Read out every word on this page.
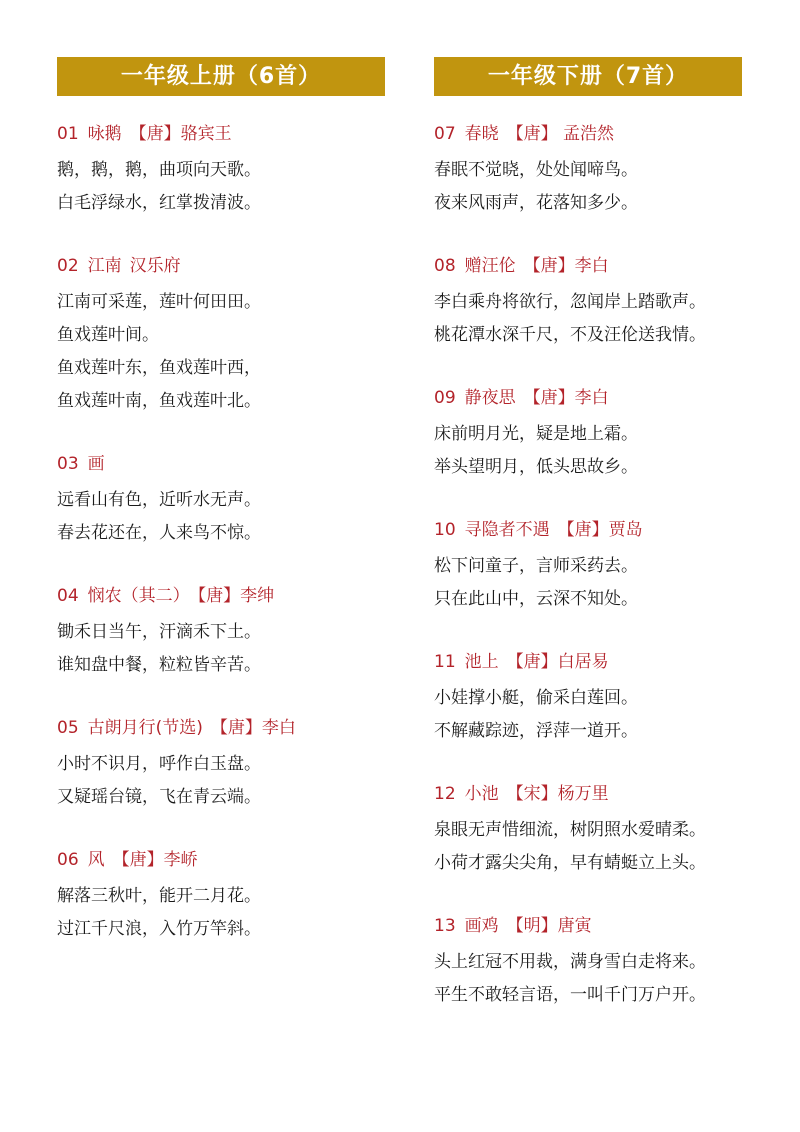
一年级上册（6首）
01 咏鹅 【唐】骆宾王
鹅，鹅，鹅，曲项向天歌。
白毛浮绿水，红掌拨清波。
02 江南 汉乐府
江南可采莲，莲叶何田田。
鱼戏莲叶间。
鱼戏莲叶东，鱼戏莲叶西，
鱼戏莲叶南，鱼戏莲叶北。
03 画
远看山有色，近听水无声。
春去花还在，人来鸟不惊。
04 悯农（其二） 【唐】李绅
锄禾日当午，汗滴禾下土。
谁知盘中餐，粒粒皆辛苦。
05 古朗月行(节选) 【唐】李白
小时不识月，呼作白玉盘。
又疑瑶台镜，飞在青云端。
06 风 【唐】李峤
解落三秋叶，能开二月花。
过江千尺浪，入竹万竿斜。
一年级下册（7首）
07 春晓 【唐】 孟浩然
春眠不觉晓，处处闻啼鸟。
夜来风雨声，花落知多少。
08 赠汪伦 【唐】李白
李白乘舟将欲行，忽闻岸上踏歌声。
桃花潭水深千尺，不及汪伦送我情。
09 静夜思 【唐】李白
床前明月光，疑是地上霜。
举头望明月，低头思故乡。
10 寻隐者不遇 【唐】贾岛
松下问童子，言师采药去。
只在此山中，云深不知处。
11 池上 【唐】白居易
小娃撑小艇，偷采白莲回。
不解藏踪迹，浮萍一道开。
12 小池 【宋】杨万里
泉眼无声惜细流，树阴照水爱晴柔。
小荷才露尖尖角，早有蜻蜓立上头。
13 画鸡 【明】唐寅
头上红冠不用裁，满身雪白走将来。
平生不敢轻言语，一叫千门万户开。
